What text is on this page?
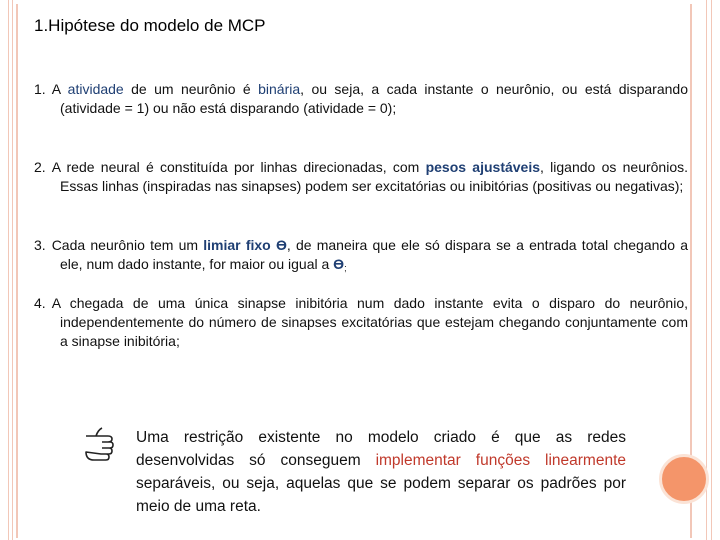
1.Hipótese do modelo de MCP
1. A atividade de um neurônio é binária, ou seja, a cada instante o neurônio, ou está disparando (atividade = 1) ou não está disparando (atividade = 0);
2. A rede neural é constituída por linhas direcionadas, com pesos ajustáveis, ligando os neurônios. Essas linhas (inspiradas nas sinapses) podem ser excitatórias ou inibitórias (positivas ou negativas);
3. Cada neurônio tem um limiar fixo ϴ, de maneira que ele só dispara se a entrada total chegando a ele, num dado instante, for maior ou igual a $ϴ_;$
4. A chegada de uma única sinapse inibitória num dado instante evita o disparo do neurônio, independentemente do número de sinapses excitatórias que estejam chegando conjuntamente com a sinapse inibitória;
Uma restrição existente no modelo criado é que as redes desenvolvidas só conseguem implementar funções linearmente separáveis, ou seja, aquelas que se podem separar os padrões por meio de uma reta.
